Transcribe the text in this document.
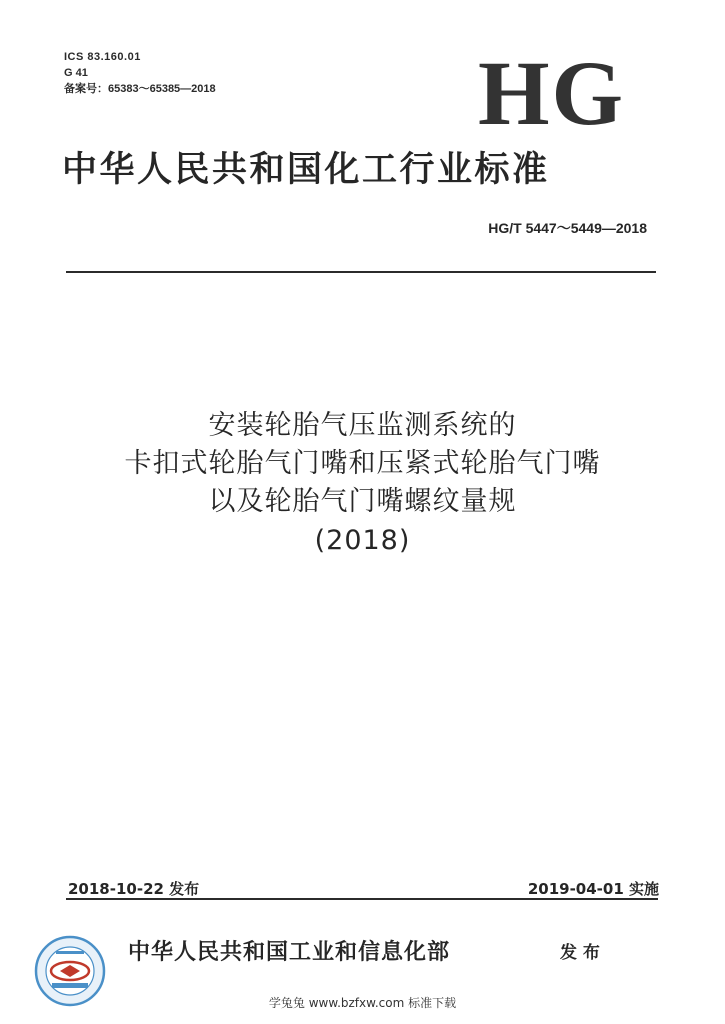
ICS 83.160.01
G 41
备案号：65383～65385—2018	HG
中华人民共和国化工行业标准
HG/T 5447～5449—2018
安装轮胎气压监测系统的
卡扣式轮胎气门嘴和压紧式轮胎气门嘴
以及轮胎气门嘴螺纹量规
(2018)
2018-10-22 发布	2019-04-01 实施
中华人民共和国工业和信息化部	发 布
学兔兔 www.bzfxw.com 标准下载
